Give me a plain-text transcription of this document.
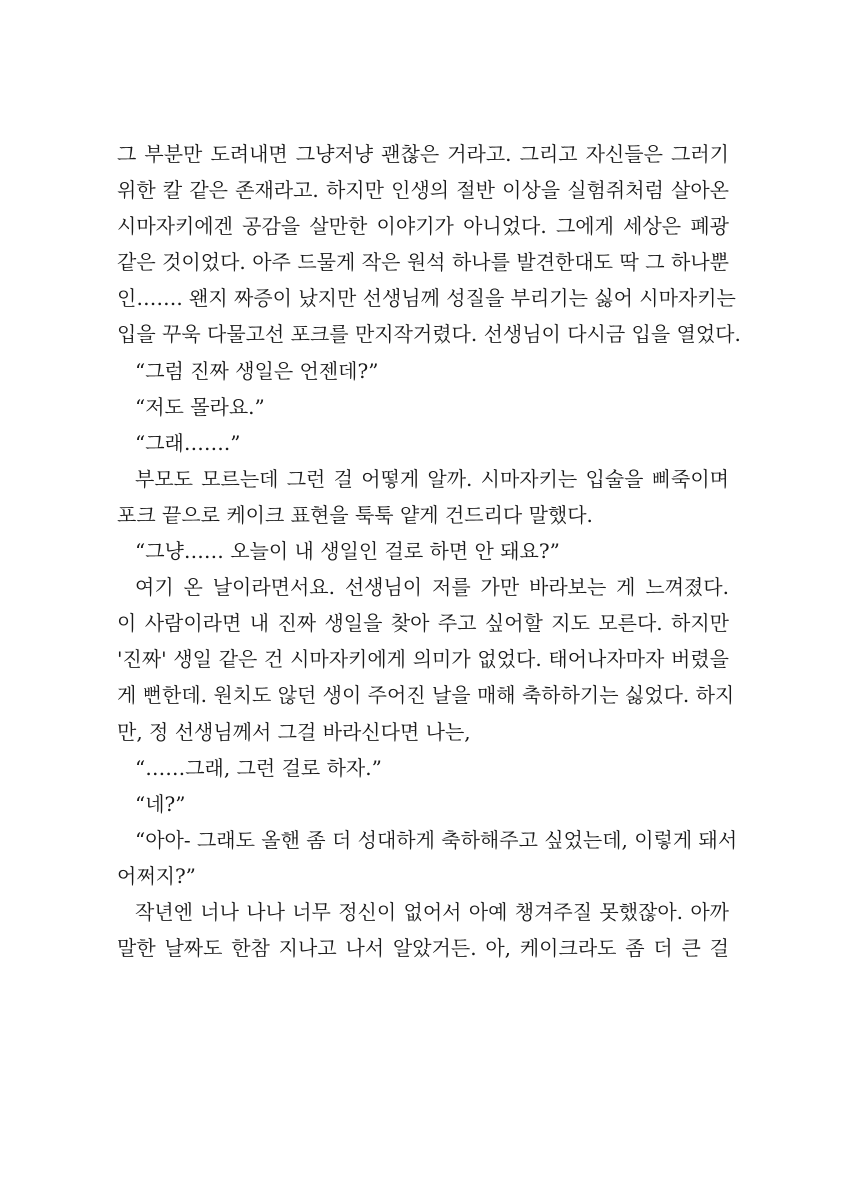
그 부분만 도려내면 그냥저냥 괜찮은 거라고. 그리고 자신들은 그러기
위한 칼 같은 존재라고. 하지만 인생의 절반 이상을 실험쥐처럼 살아온
시마자키에겐 공감을 살만한 이야기가 아니었다. 그에게 세상은 폐광
같은 것이었다. 아주 드물게 작은 원석 하나를 발견한대도 딱 그 하나뿐
인……. 왠지 짜증이 났지만 선생님께 성질을 부리기는 싫어 시마자키는
입을 꾸욱 다물고선 포크를 만지작거렸다. 선생님이 다시금 입을 열었다.
“그럼 진짜 생일은 언젠데?”
“저도 몰라요.”
“그래…….”
부모도 모르는데 그런 걸 어떻게 알까. 시마자키는 입술을 삐죽이며
포크 끝으로 케이크 표현을 툭툭 얕게 건드리다 말했다.
“그냥…… 오늘이 내 생일인 걸로 하면 안 돼요?”
여기 온 날이라면서요. 선생님이 저를 가만 바라보는 게 느껴졌다.
이 사람이라면 내 진짜 생일을 찾아 주고 싶어할 지도 모른다. 하지만
'진짜' 생일 같은 건 시마자키에게 의미가 없었다. 태어나자마자 버렸을
게 뻔한데. 원치도 않던 생이 주어진 날을 매해 축하하기는 싫었다. 하지
만, 정 선생님께서 그걸 바라신다면 나는,
“……그래, 그런 걸로 하자.”
“네?”
“아아- 그래도 올핸 좀 더 성대하게 축하해주고 싶었는데, 이렇게 돼서
어쩌지?”
작년엔 너나 나나 너무 정신이 없어서 아예 챙겨주질 못했잖아. 아까
말한 날짜도 한참 지나고 나서 알았거든. 아, 케이크라도 좀 더 큰 걸
